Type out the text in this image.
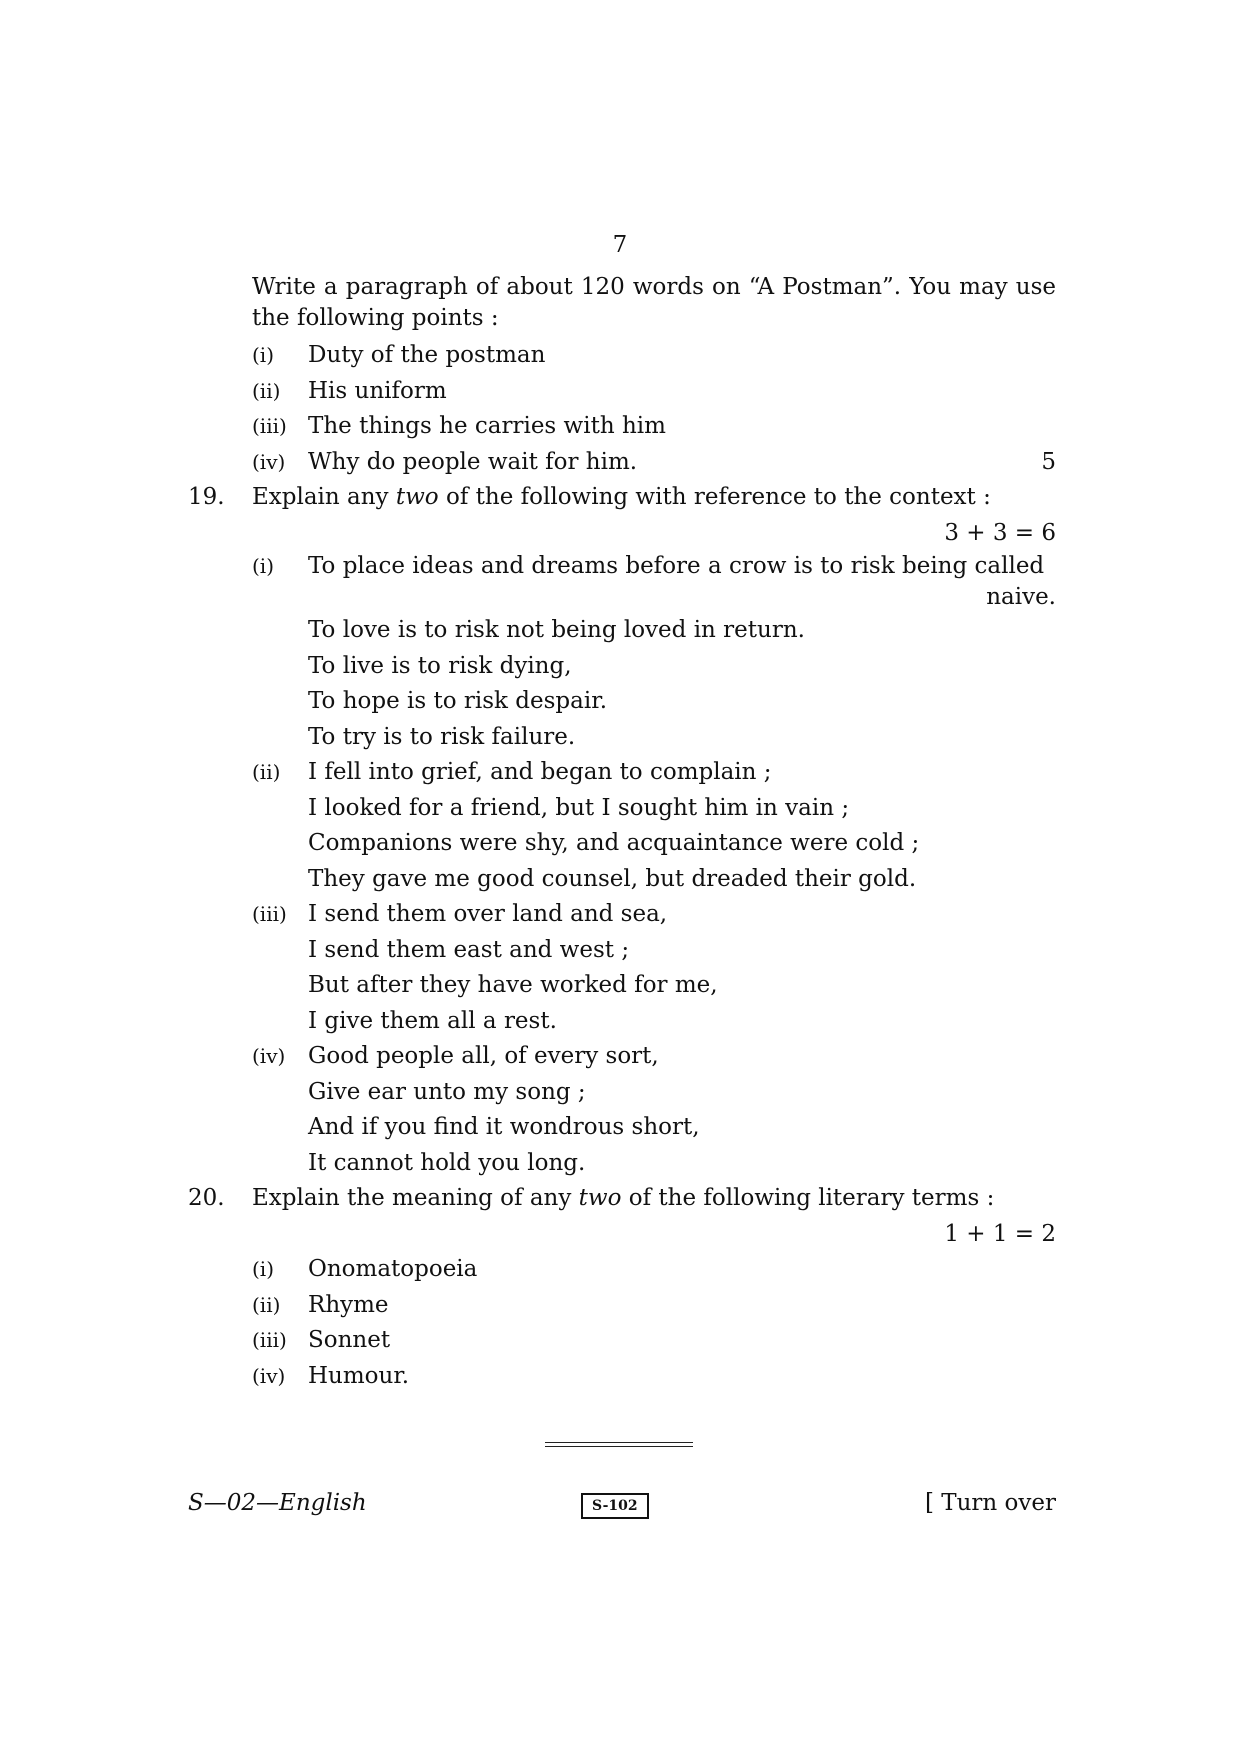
7
Write a paragraph of about 120 words on “A Postman”. You may use the following points :
(i) Duty of the postman
(ii) His uniform
(iii) The things he carries with him
(iv) Why do people wait for him.	5
19. Explain any two of the following with reference to the context :
3 + 3 = 6
(i) To place ideas and dreams before a crow is to risk being called
naive.
To love is to risk not being loved in return.
To live is to risk dying,
To hope is to risk despair.
To try is to risk failure.
(ii) I fell into grief, and began to complain ;
I looked for a friend, but I sought him in vain ;
Companions were shy, and acquaintance were cold ;
They gave me good counsel, but dreaded their gold.
(iii) I send them over land and sea,
I send them east and west ;
But after they have worked for me,
I give them all a rest.
(iv) Good people all, of every sort,
Give ear unto my song ;
And if you find it wondrous short,
It cannot hold you long.
20. Explain the meaning of any two of the following literary terms :
1 + 1 = 2
(i) Onomatopoeia
(ii) Rhyme
(iii) Sonnet
(iv) Humour.
S—02—English	S-102	[ Turn over
